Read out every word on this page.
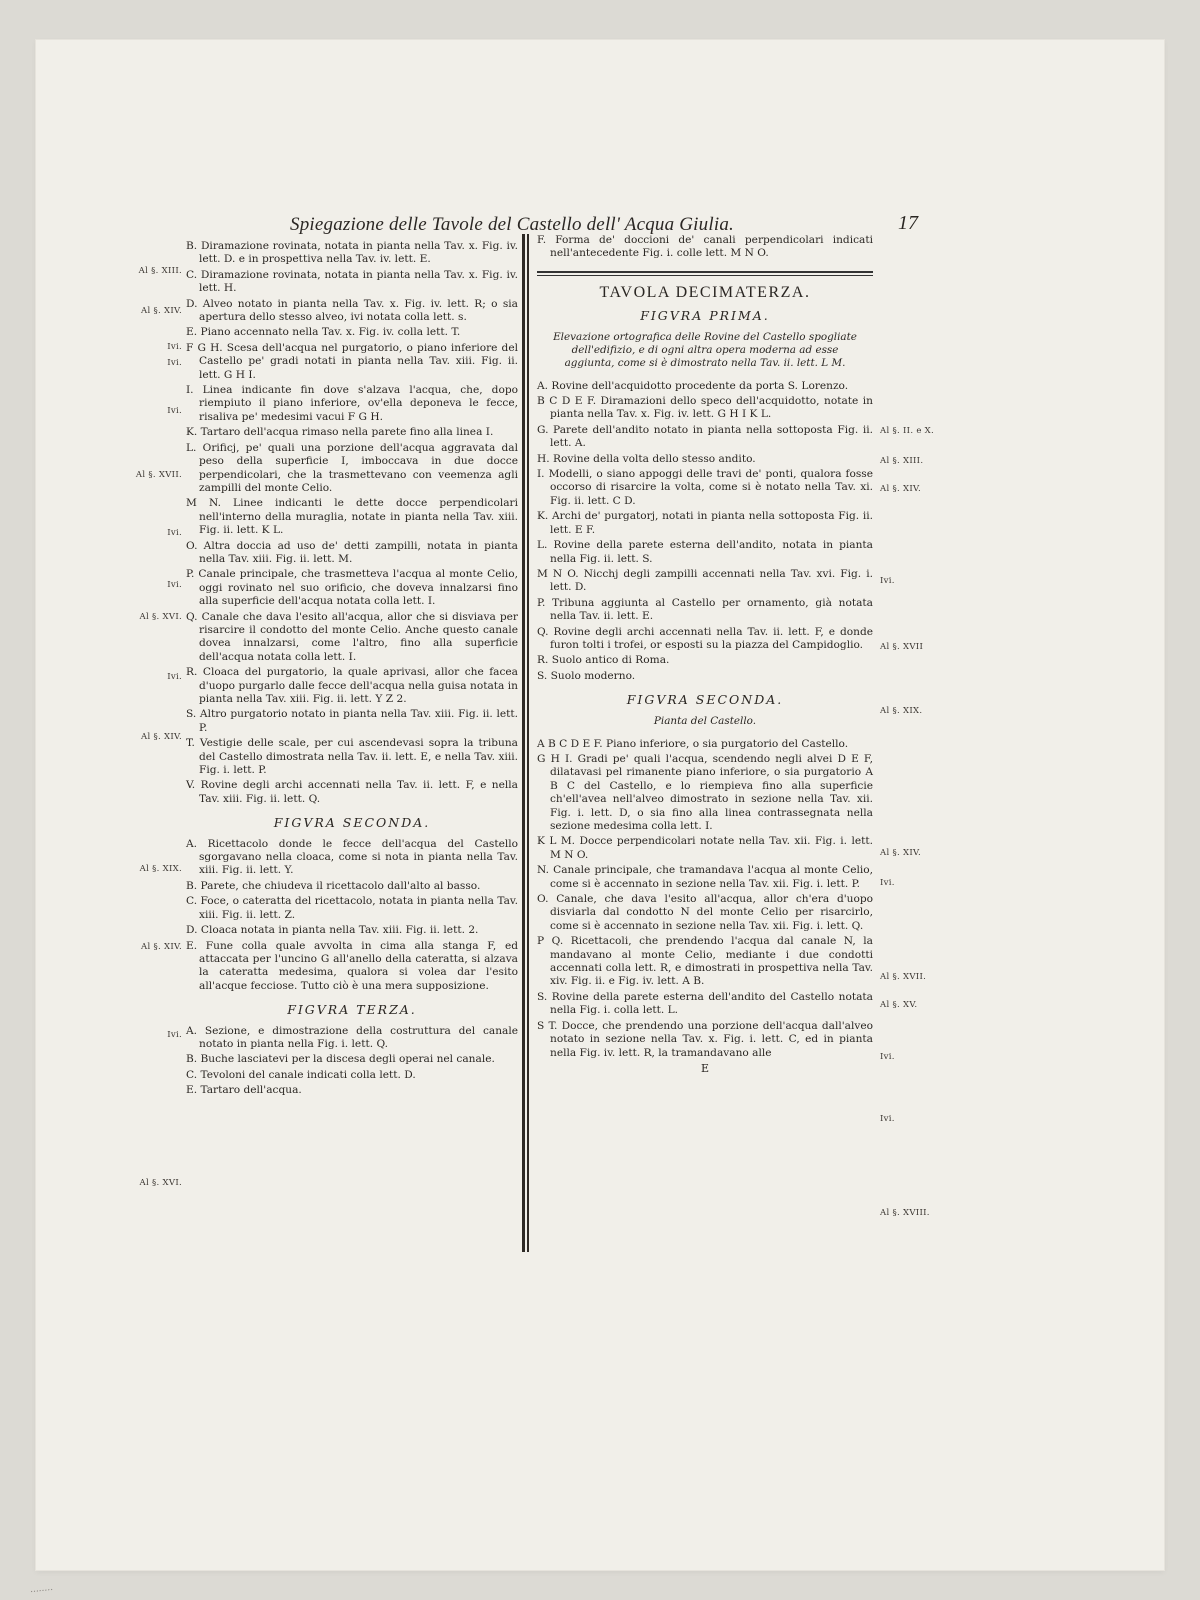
Spiegazione delle Tavole del Castello dell' Acqua Giulia.	17

B. Diramazione rovinata, notata in pianta nella Tav. x. Fig. iv. lett. D. e in prospettiva nella Tav. iv. lett. E.

C. Diramazione rovinata, notata in pianta nella Tav. x. Fig. iv. lett. H.

D. Alveo notato in pianta nella Tav. x. Fig. iv. lett. R; o sia apertura dello stesso alveo, ivi notata colla lett. s.

E. Piano accennato nella Tav. x. Fig. iv. colla lett. T.

F G H. Scesa dell'acqua nel purgatorio, o piano inferiore del Castello pe' gradi notati in pianta nella Tav. xiii. Fig. ii. lett. G H I.

I. Linea indicante fin dove s'alzava l'acqua, che, dopo riempiuto il piano inferiore, ov'ella deponeva le fecce, risaliva pe' medesimi vacui F G H.

K. Tartaro dell'acqua rimaso nella parete fino alla linea I.

L. Orificj, pe' quali una porzione dell'acqua aggravata dal peso della superficie I, imboccava in due docce perpendicolari, che la trasmettevano con veemenza agli zampilli del monte Celio.

M N. Linee indicanti le dette docce perpendicolari nell'interno della muraglia, notate in pianta nella Tav. xiii. Fig. ii. lett. K L.

O. Altra doccia ad uso de' detti zampilli, notata in pianta nella Tav. xiii. Fig. ii. lett. M.

P. Canale principale, che trasmetteva l'acqua al monte Celio, oggi rovinato nel suo orificio, che doveva innalzarsi fino alla superficie dell'acqua notata colla lett. I.

Q. Canale che dava l'esito all'acqua, allor che si disviava per risarcire il condotto del monte Celio. Anche questo canale dovea innalzarsi, come l'altro, fino alla superficie dell'acqua notata colla lett. I.

R. Cloaca del purgatorio, la quale aprivasi, allor che facea d'uopo purgarlo dalle fecce dell'acqua nella guisa notata in pianta nella Tav. xiii. Fig. ii. lett. Y Z 2.

S. Altro purgatorio notato in pianta nella Tav. xiii. Fig. ii. lett. P.

T. Vestigie delle scale, per cui ascendevasi sopra la tribuna del Castello dimostrata nella Tav. ii. lett. E, e nella Tav. xiii. Fig. i. lett. P.

V. Rovine degli archi accennati nella Tav. ii. lett. F, e nella Tav. xiii. Fig. ii. lett. Q.

FIGVRA SECONDA.

A. Ricettacolo donde le fecce dell'acqua del Castello sgorgavano nella cloaca, come si nota in pianta nella Tav. xiii. Fig. ii. lett. Y.

B. Parete, che chiudeva il ricettacolo dall'alto al basso.

C. Foce, o cateratta del ricettacolo, notata in pianta nella Tav. xiii. Fig. ii. lett. Z.

D. Cloaca notata in pianta nella Tav. xiii. Fig. ii. lett. 2.

E. Fune colla quale avvolta in cima alla stanga F, ed attaccata per l'uncino G all'anello della cateratta, si alzava la cateratta medesima, qualora si volea dar l'esito all'acque fecciose. Tutto ciò è una mera supposizione.

FIGVRA TERZA.

A. Sezione, e dimostrazione della costruttura del canale notato in pianta nella Fig. i. lett. Q.

B. Buche lasciatevi per la discesa degli operai nel canale.

C. Tevoloni del canale indicati colla lett. D.

E. Tartaro dell'acqua.

F. Forma de' doccioni de' canali perpendicolari indicati nell'antecedente Fig. i. colle lett. M N O.

TAVOLA DECIMATERZA.
FIGVRA PRIMA.
Elevazione ortografica delle Rovine del Castello spogliate dell'edifizio, e di ogni altra opera moderna ad esse aggiunta, come si è dimostrato nella Tav. ii. lett. L M.

A. Rovine dell'acquidotto procedente da porta S. Lorenzo.

B C D E F. Diramazioni dello speco dell'acquidotto, notate in pianta nella Tav. x. Fig. iv. lett. G H I K L.

G. Parete dell'andito notato in pianta nella sottoposta Fig. ii. lett. A.

H. Rovine della volta dello stesso andito.

I. Modelli, o siano appoggi delle travi de' ponti, qualora fosse occorso di risarcire la volta, come si è notato nella Tav. xi. Fig. ii. lett. C D.

K. Archi de' purgatorj, notati in pianta nella sottoposta Fig. ii. lett. E F.

L. Rovine della parete esterna dell'andito, notata in pianta nella Fig. ii. lett. S.

M N O. Nicchj degli zampilli accennati nella Tav. xvi. Fig. i. lett. D.

P. Tribuna aggiunta al Castello per ornamento, già notata nella Tav. ii. lett. E.

Q. Rovine degli archi accennati nella Tav. ii. lett. F, e donde furon tolti i trofei, or esposti su la piazza del Campidoglio.

R. Suolo antico di Roma.

S. Suolo moderno.

FIGVRA SECONDA.
Pianta del Castello.

A B C D E F. Piano inferiore, o sia purgatorio del Castello.

G H I. Gradi pe' quali l'acqua, scendendo negli alvei D E F, dilatavasi pel rimanente piano inferiore, o sia purgatorio A B C del Castello, e lo riempieva fino alla superficie ch'ell'avea nell'alveo dimostrato in sezione nella Tav. xii. Fig. i. lett. D, o sia fino alla linea contrassegnata nella sezione medesima colla lett. I.

K L M. Docce perpendicolari notate nella Tav. xii. Fig. i. lett. M N O.

N. Canale principale, che tramandava l'acqua al monte Celio, come si è accennato in sezione nella Tav. xii. Fig. i. lett. P.

O. Canale, che dava l'esito all'acqua, allor ch'era d'uopo disviarla dal condotto N del monte Celio per risarcirlo, come si è accennato in sezione nella Tav. xii. Fig. i. lett. Q.

P Q. Ricettacoli, che prendendo l'acqua dal canale N, la mandavano al monte Celio, mediante i due condotti accennati colla lett. R, e dimostrati in prospettiva nella Tav. xiv. Fig. ii. e Fig. iv. lett. A B.

S. Rovine della parete esterna dell'andito del Castello notata nella Fig. i. colla lett. L.

S T. Docce, che prendendo una porzione dell'acqua dall'alveo notato in sezione nella Tav. x. Fig. i. lett. C, ed in pianta nella Fig. iv. lett. R, la tramandavano alle

E
Al §. XIII.
Al §. XIV.
Ivi.
Ivi.
Ivi.
Al §. XVII.
Ivi.
Ivi.
Al §. XVI.
Ivi.
Al §. XIV.
Al §. XIX.
Al §. XIV.
Ivi.
Al §. XVI.
Al §. II. e X.
Al §. XIII.
Al §. XIV.
Ivi.
Al §. XVII
Al §. XIX.
Al §. XIV.
Ivi.
Al §. XVII.
Al §. XV.
Ivi.
Ivi.
Al §. XVIII.
........
